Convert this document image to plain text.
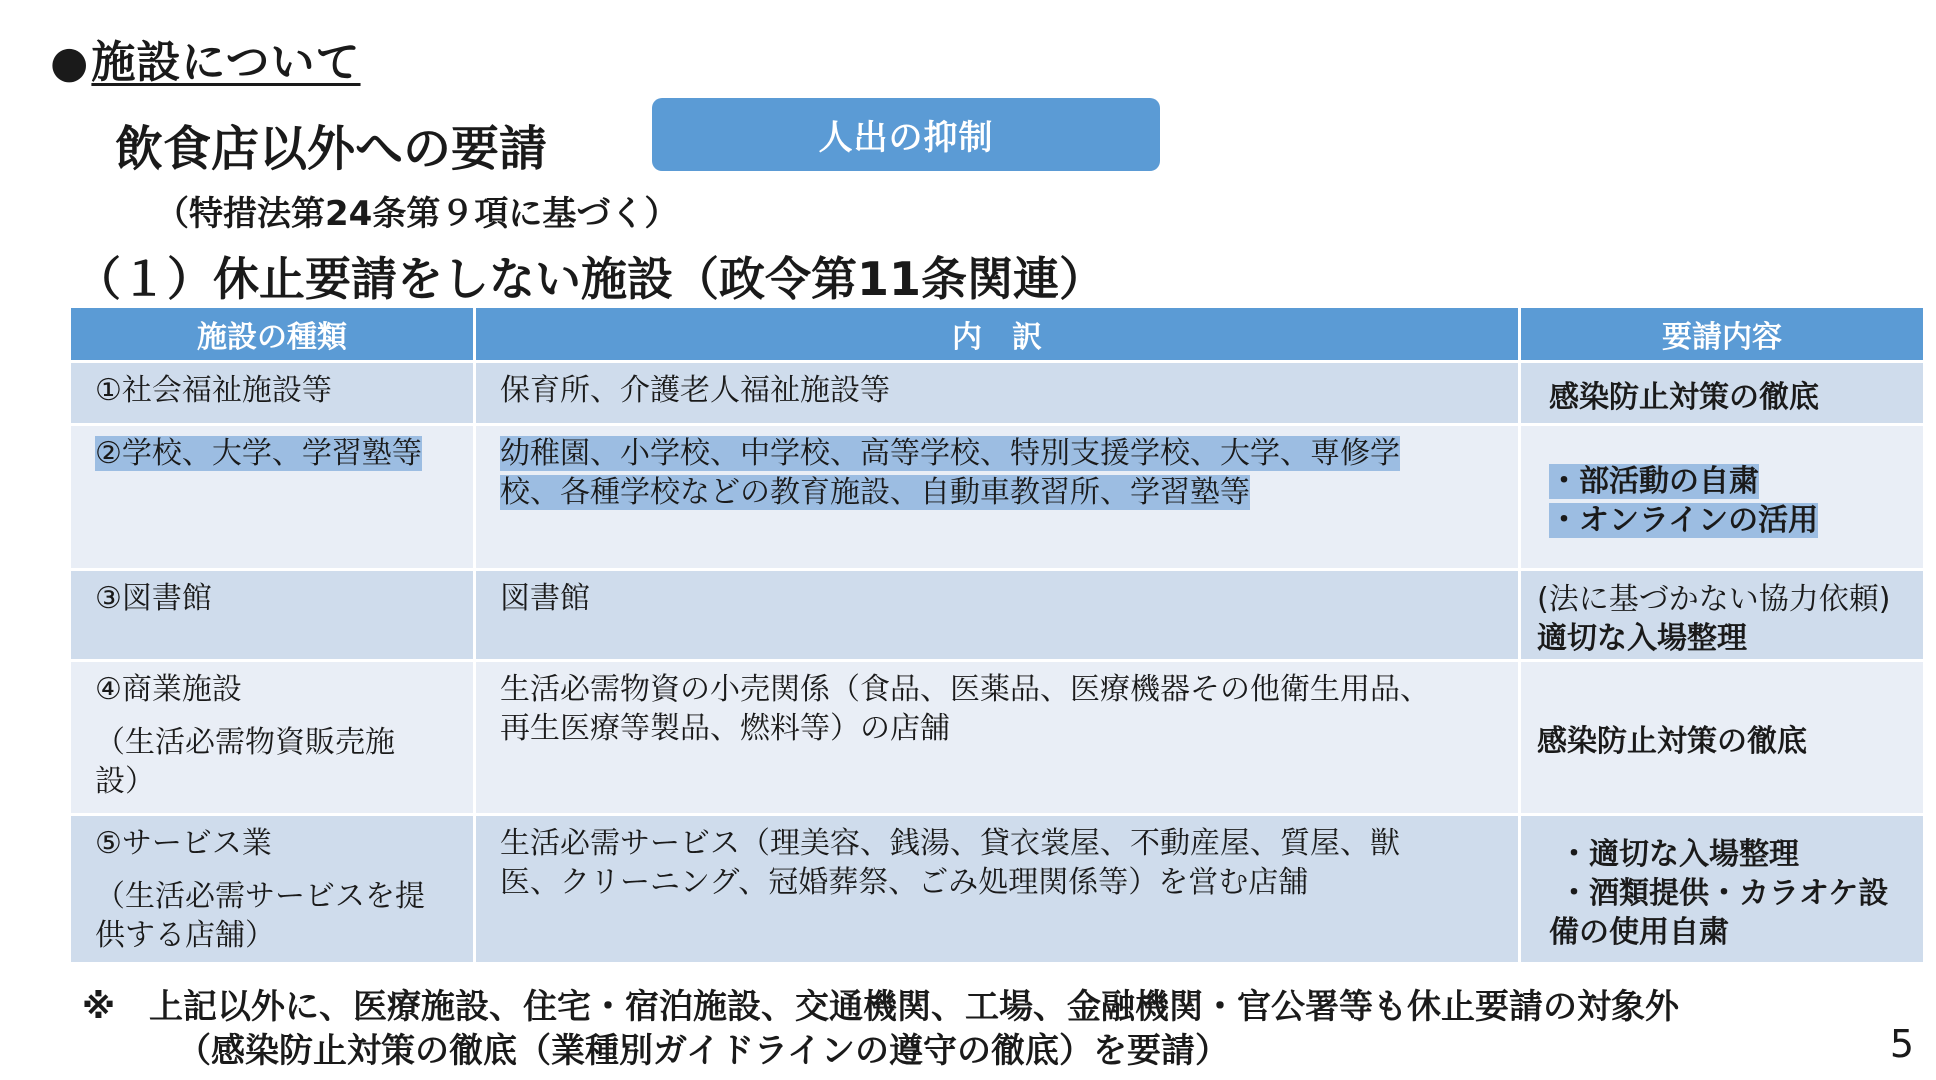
●施設について
飲食店以外への要請	人出の抑制
（特措法第24条第９項に基づく）
（１）休止要請をしない施設（政令第11条関連）
施設の種類	内　訳	要請内容
①社会福祉施設等	保育所、介護老人福祉施設等	感染防止対策の徹底

②学校、大学、学習塾等	幼稚園、小学校、中学校、高等学校、特別支援学校、大学、専修学
校、各種学校などの教育施設、自動車教習所、学習塾等	・部活動の自粛
・オンラインの活用

③図書館	図書館	(法に基づかない協力依頼)
適切な入場整理

④商業施設
（生活必需物資販売施
設）	生活必需物資の小売関係（食品、医薬品、医療機器その他衛生用品、
再生医療等製品、燃料等）の店舗	感染防止対策の徹底

⑤サービス業
（生活必需サービスを提
供する店舗）	生活必需サービス（理美容、銭湯、貸衣裳屋、不動産屋、質屋、獣
医、クリーニング、冠婚葬祭、ごみ処理関係等）を営む店舗	・適切な入場整理
・酒類提供・カラオケ設
備の使用自粛
※　上記以外に、医療施設、住宅・宿泊施設、交通機関、工場、金融機関・官公署等も休止要請の対象外
（感染防止対策の徹底（業種別ガイドラインの遵守の徹底）を要請）	5
